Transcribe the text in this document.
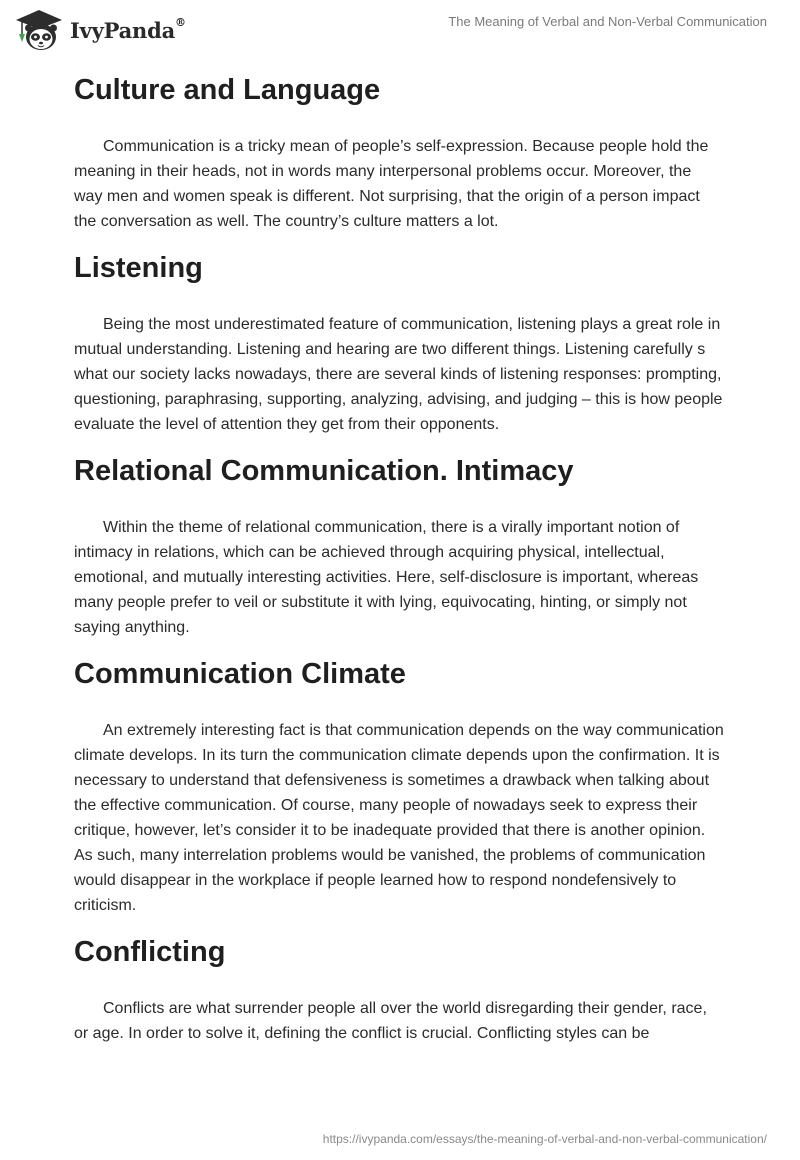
IvyPanda®	The Meaning of Verbal and Non-Verbal Communication
Culture and Language

Communication is a tricky mean of people’s self-expression. Because people hold the meaning in their heads, not in words many interpersonal problems occur. Moreover, the way men and women speak is different. Not surprising, that the origin of a person impact the conversation as well. The country’s culture matters a lot.

Listening

Being the most underestimated feature of communication, listening plays a great role in mutual understanding. Listening and hearing are two different things. Listening carefully s what our society lacks nowadays, there are several kinds of listening responses: prompting, questioning, paraphrasing, supporting, analyzing, advising, and judging – this is how people evaluate the level of attention they get from their opponents.

Relational Communication. Intimacy

Within the theme of relational communication, there is a virally important notion of intimacy in relations, which can be achieved through acquiring physical, intellectual, emotional, and mutually interesting activities. Here, self-disclosure is important, whereas many people prefer to veil or substitute it with lying, equivocating, hinting, or simply not saying anything.

Communication Climate

An extremely interesting fact is that communication depends on the way communication climate develops. In its turn the communication climate depends upon the confirmation. It is necessary to understand that defensiveness is sometimes a drawback when talking about the effective communication. Of course, many people of nowadays seek to express their critique, however, let’s consider it to be inadequate provided that there is another opinion. As such, many interrelation problems would be vanished, the problems of communication would disappear in the workplace if people learned how to respond nondefensively to criticism.

Conflicting

Conflicts are what surrender people all over the world disregarding their gender, race, or age. In order to solve it, defining the conflict is crucial. Conflicting styles can be

https://ivypanda.com/essays/the-meaning-of-verbal-and-non-verbal-communication/
